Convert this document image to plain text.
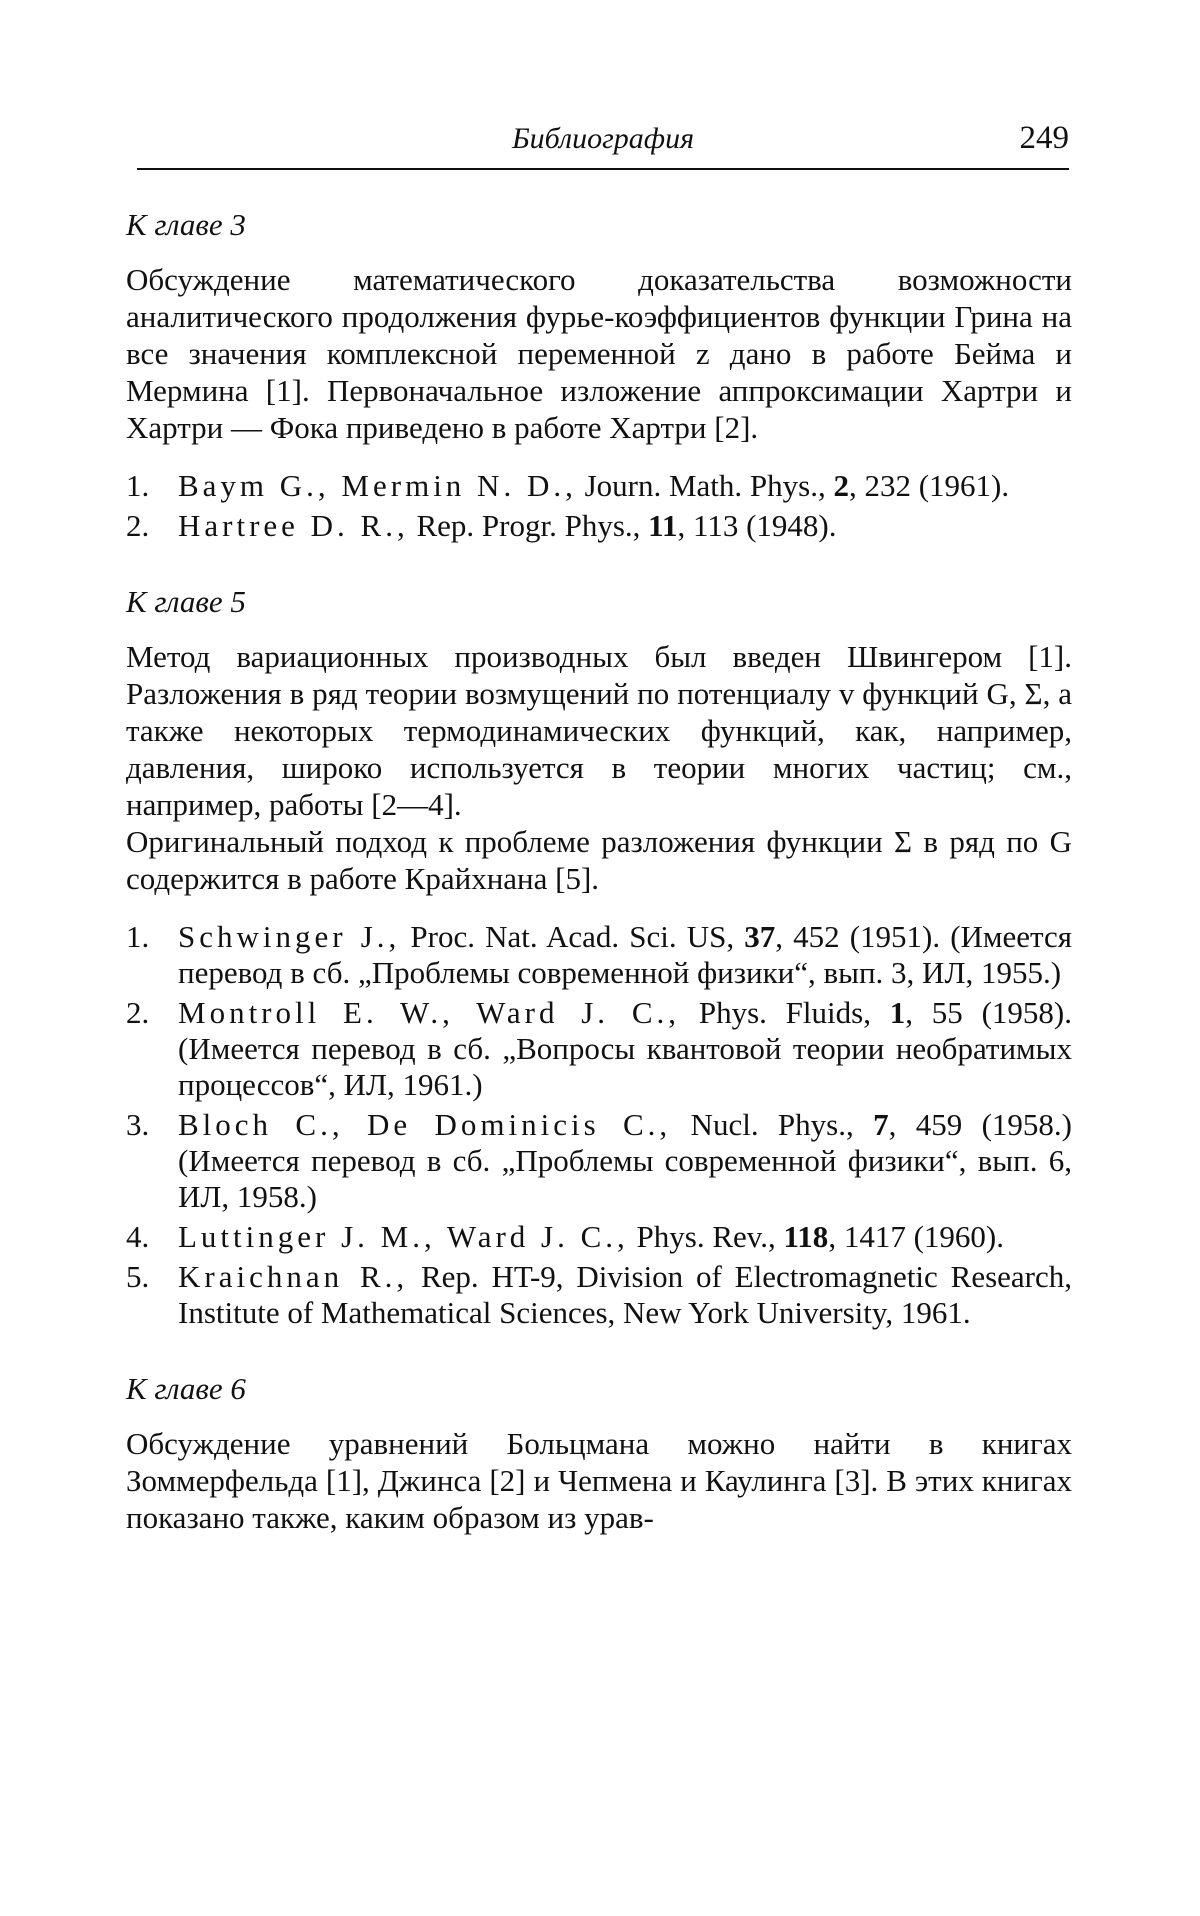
Библиография	249
К главе 3

Обсуждение математического доказательства возможности аналитического продолжения фурье-коэффициентов функции Грина на все значения комплексной переменной z дано в работе Бейма и Мермина [1]. Первоначальное изложение аппроксимации Хартри и Хартри — Фока приведено в работе Хартри [2].

1. Baym G., Mermin N. D., Journ. Math. Phys., 2, 232 (1961).
2. Hartree D. R., Rep. Progr. Phys., 11, 113 (1948).
К главе 5

Метод вариационных производных был введен Швингером [1]. Разложения в ряд теории возмущений по потенциалу v функций G, Σ, а также некоторых термодинамических функций, как, например, давления, широко используется в теории многих частиц; см., например, работы [2—4].

Оригинальный подход к проблеме разложения функции Σ в ряд по G содержится в работе Крайхнана [5].

1. Schwinger J., Proc. Nat. Acad. Sci. US, 37, 452 (1951). (Имеется перевод в сб. „Проблемы современной физики“, вып. 3, ИЛ, 1955.)
2. Montroll E. W., Ward J. C., Phys. Fluids, 1, 55 (1958). (Имеется перевод в сб. „Вопросы квантовой теории необратимых процессов“, ИЛ, 1961.)
3. Bloch C., De Dominicis C., Nucl. Phys., 7, 459 (1958.) (Имеется перевод в сб. „Проблемы современной физики“, вып. 6, ИЛ, 1958.)
4. Luttinger J. M., Ward J. C., Phys. Rev., 118, 1417 (1960).
5. Kraichnan R., Rep. HT-9, Division of Electromagnetic Research, Institute of Mathematical Sciences, New York University, 1961.
К главе 6

Обсуждение уравнений Больцмана можно найти в книгах Зоммерфельда [1], Джинса [2] и Чепмена и Каулинга [3]. В этих книгах показано также, каким образом из урав-
